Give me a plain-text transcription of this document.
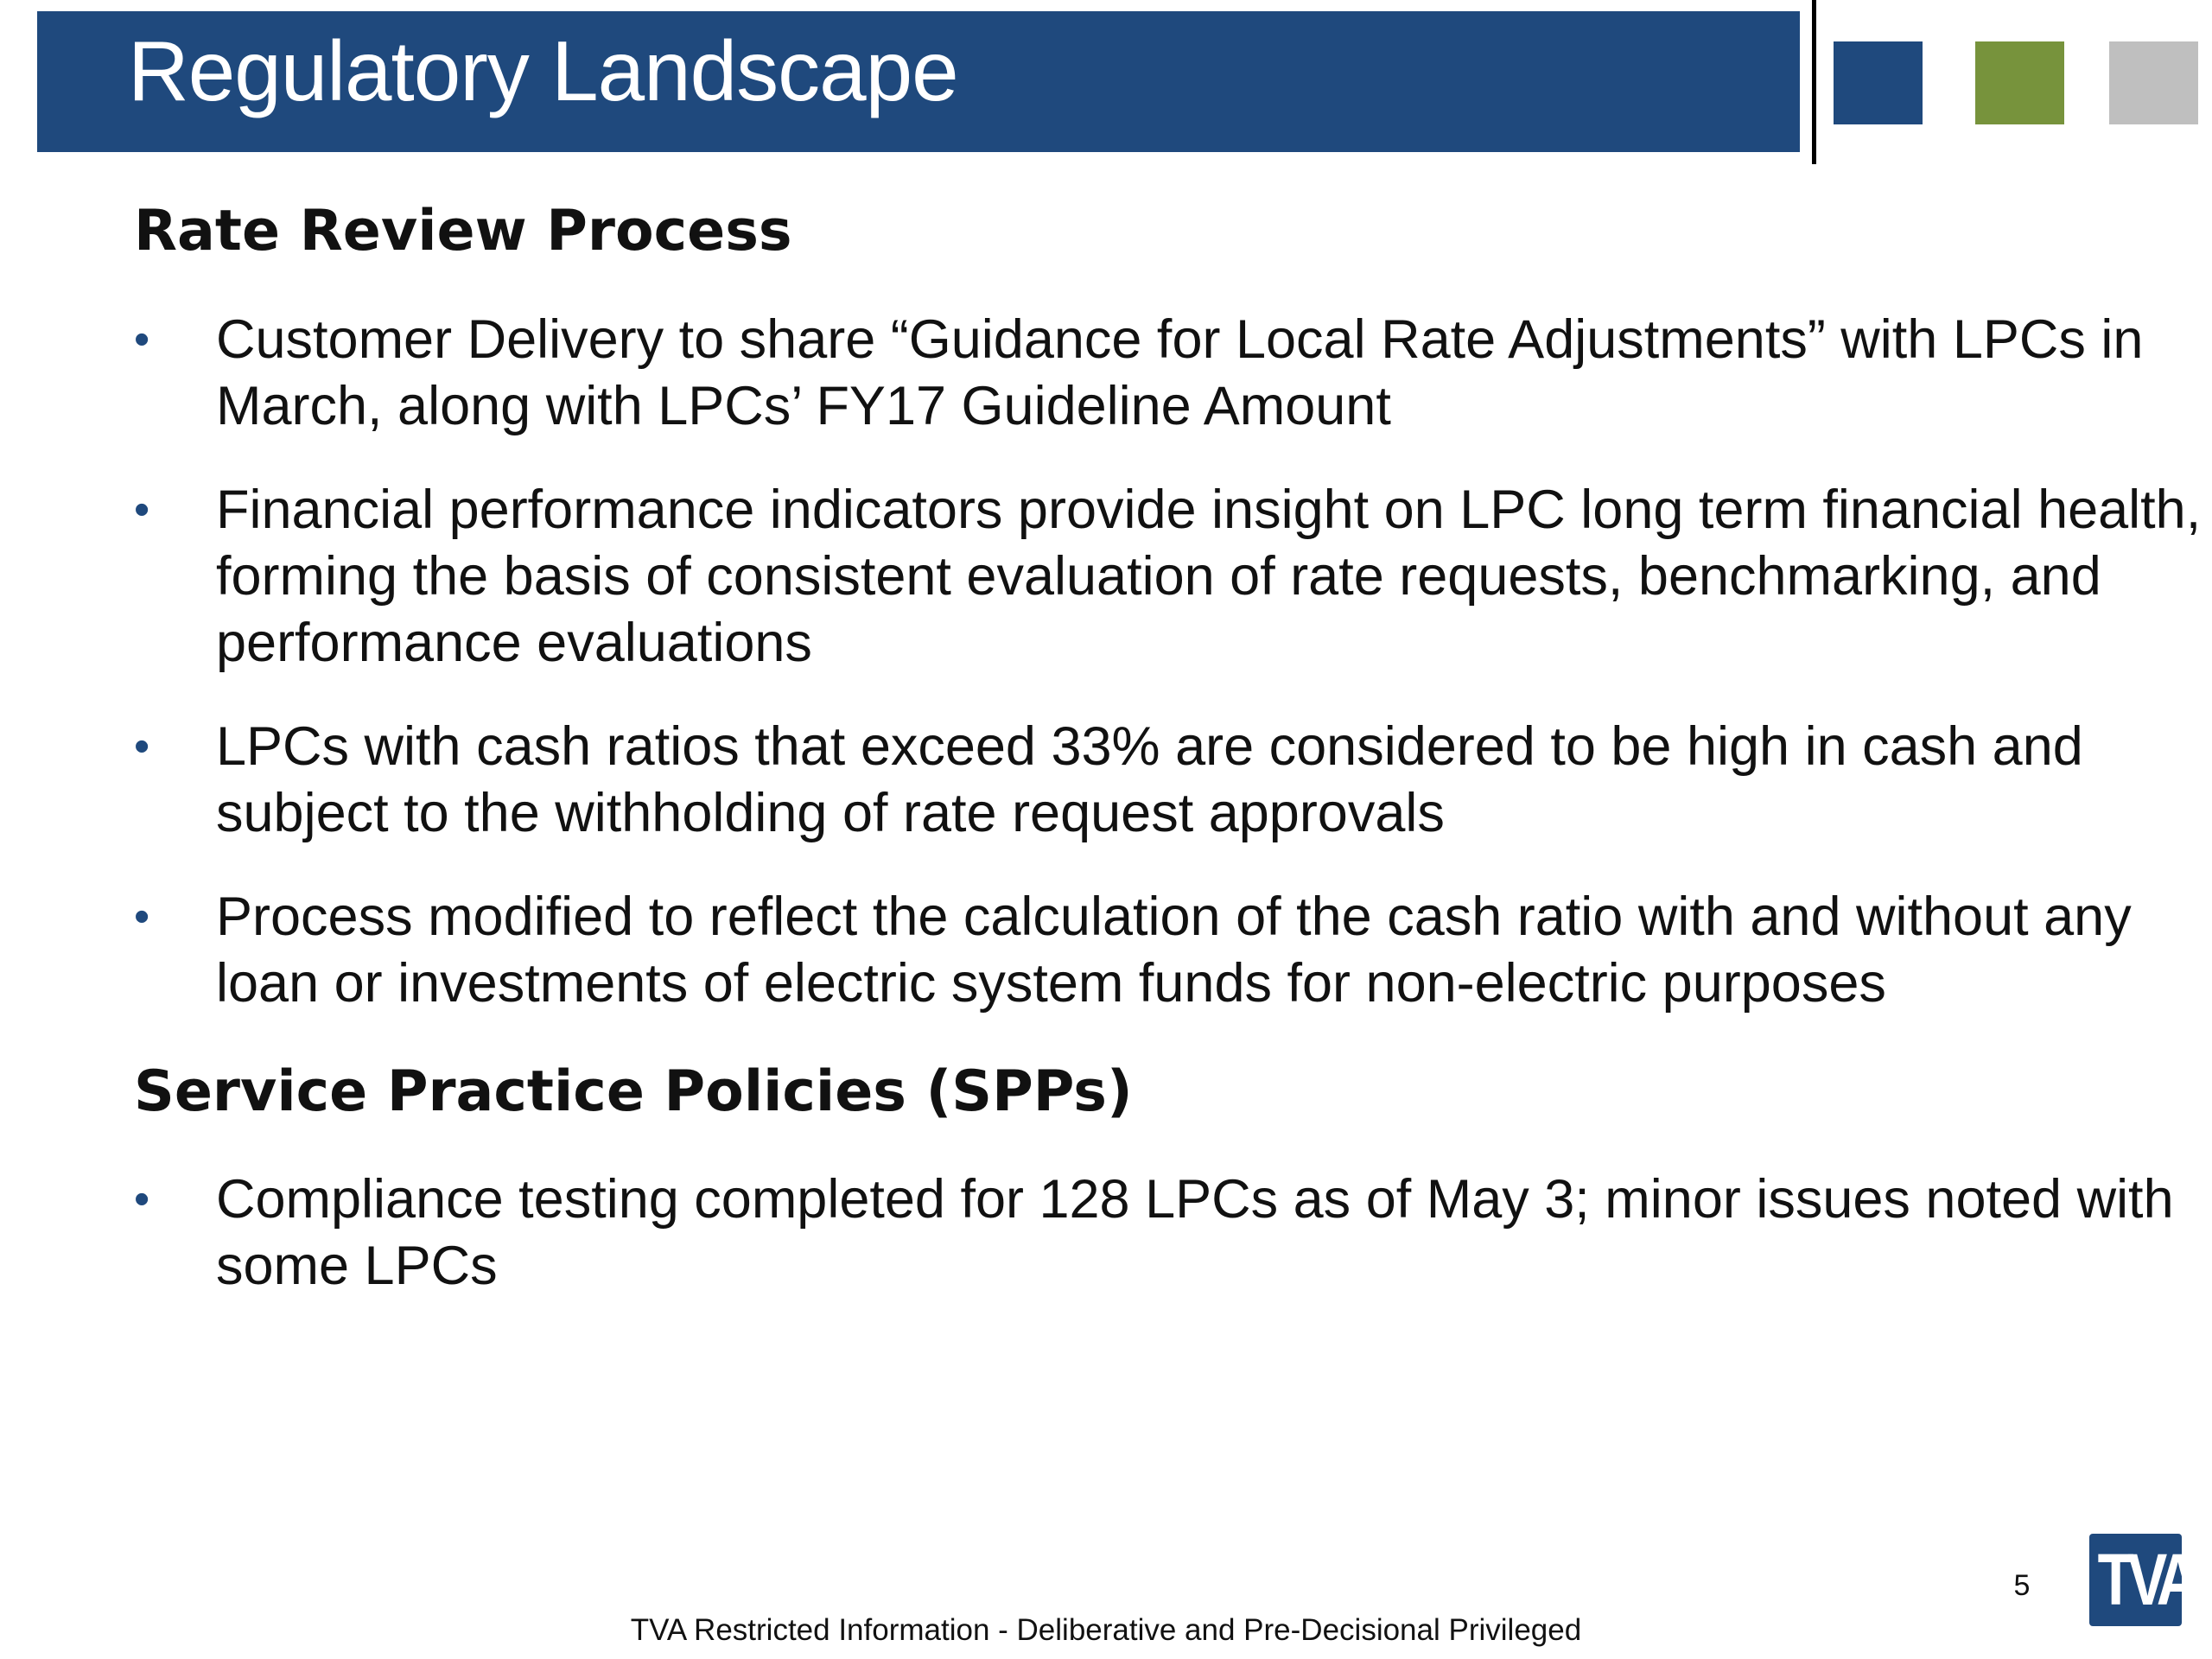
Regulatory Landscape
Rate Review Process
•	Customer Delivery to share “Guidance for Local Rate Adjustments” with LPCs in March, along with LPCs’ FY17 Guideline Amount
•	Financial performance indicators provide insight on LPC long term financial health, forming the basis of consistent evaluation of rate requests, benchmarking, and performance evaluations
•	LPCs with cash ratios that exceed 33% are considered to be high in cash and subject to the withholding of rate request approvals
•	Process modified to reflect the calculation of the cash ratio with and without any loan or investments of electric system funds for non-electric purposes
Service Practice Policies (SPPs)
•	Compliance testing completed for 128 LPCs as of May 3; minor issues noted with some LPCs
5
TVA Restricted Information - Deliberative and Pre-Decisional Privileged
TVA
